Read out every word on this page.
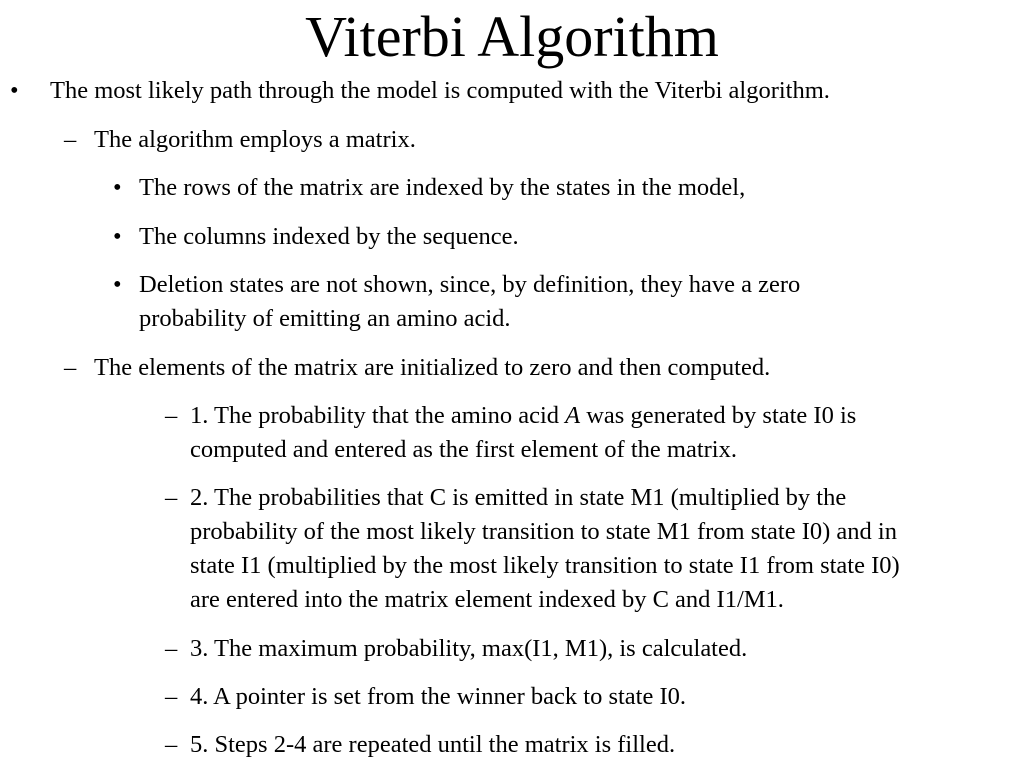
Viterbi Algorithm
• The most likely path through the model is computed with the Viterbi algorithm.
– The algorithm employs a matrix.
• The rows of the matrix are indexed by the states in the model,
• The columns indexed by the sequence.
• Deletion states are not shown, since, by definition, they have a zero
probability of emitting an amino acid.
– The elements of the matrix are initialized to zero and then computed.
– 1. The probability that the amino acid A was generated by state I0 is
computed and entered as the first element of the matrix.
– 2. The probabilities that C is emitted in state M1 (multiplied by the
probability of the most likely transition to state M1 from state I0) and in
state I1 (multiplied by the most likely transition to state I1 from state I0)
are entered into the matrix element indexed by C and I1/M1.
– 3. The maximum probability, max(I1, M1), is calculated.
– 4. A pointer is set from the winner back to state I0.
– 5. Steps 2-4 are repeated until the matrix is filled.
